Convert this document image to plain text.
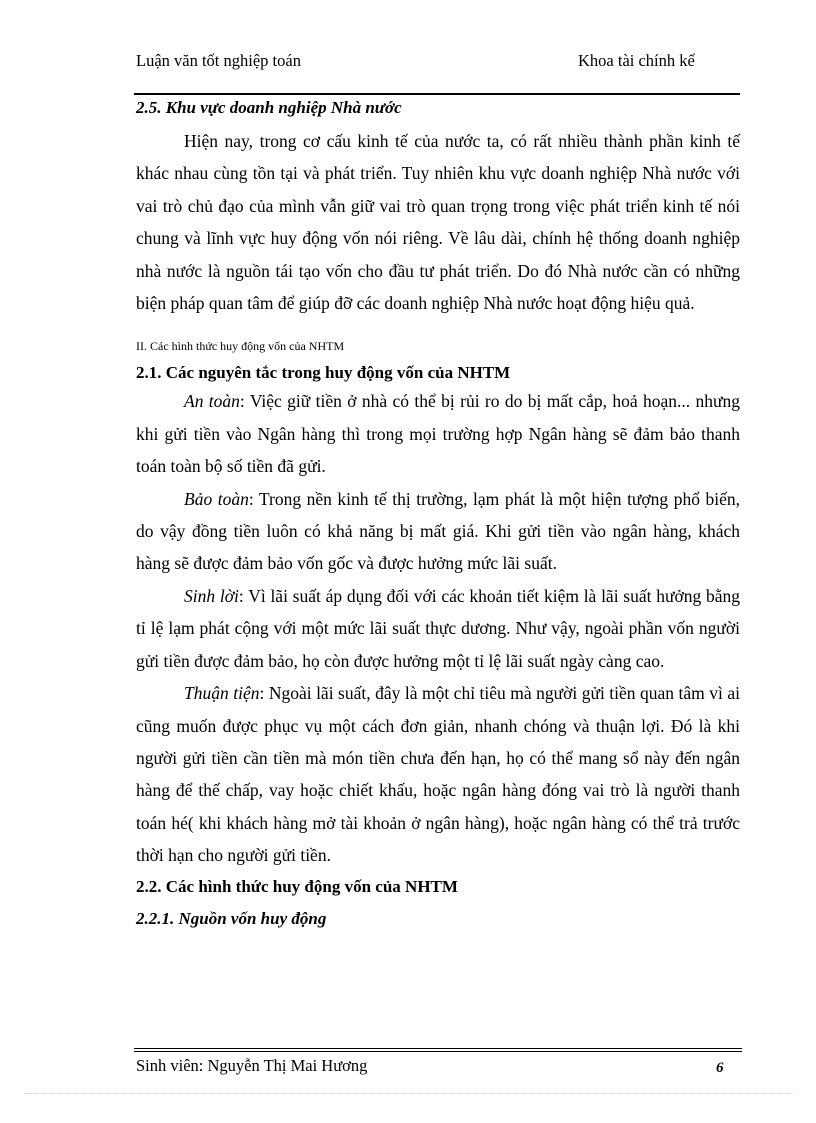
Luận văn tốt nghiệp toán	Khoa tài chính kế

2.5. Khu vực doanh nghiệp Nhà nước

Hiện nay, trong cơ cấu kinh tế của nước ta, có rất nhiều thành phần kinh tế khác nhau cùng tồn tại và phát triển. Tuy nhiên khu vực doanh nghiệp Nhà nước với vai trò chủ đạo của mình vẫn giữ vai trò quan trọng trong việc phát triển kinh tế nói chung và lĩnh vực huy động vốn nói riêng. Về lâu dài, chính hệ thống doanh nghiệp nhà nước là nguồn tái tạo vốn cho đầu tư phát triển. Do đó Nhà nước cần có những biện pháp quan tâm để giúp đỡ các doanh nghiệp Nhà nước hoạt động hiệu quả.

II. Các hình thức huy động vốn của NHTM

2.1. Các nguyên tắc trong huy động vốn của NHTM

An toàn: Việc giữ tiền ở nhà có thể bị rủi ro do bị mất cắp, hoả hoạn... nhưng khi gửi tiền vào Ngân hàng thì trong mọi trường hợp Ngân hàng sẽ đảm bảo thanh toán toàn bộ số tiền đã gửi.

Bảo toàn: Trong nền kinh tế thị trường, lạm phát là một hiện tượng phổ biến, do vậy đồng tiền luôn có khả năng bị mất giá. Khi gửi tiền vào ngân hàng, khách hàng sẽ được đảm bảo vốn gốc và được hưởng mức lãi suất.

Sinh lời: Vì lãi suất áp dụng đối với các khoản tiết kiệm là lãi suất hưởng bằng tỉ lệ lạm phát cộng với một mức lãi suất thực dương. Như vậy, ngoài phần vốn người gửi tiền được đảm bảo, họ còn được hưởng một tỉ lệ lãi suất ngày càng cao.

Thuận tiện: Ngoài lãi suất, đây là một chỉ tiêu mà người gửi tiền quan tâm vì ai cũng muốn được phục vụ một cách đơn giản, nhanh chóng và thuận lợi. Đó là khi người gửi tiền cần tiền mà món tiền chưa đến hạn, họ có thể mang sổ này đến ngân hàng để thế chấp, vay hoặc chiết khấu, hoặc ngân hàng đóng vai trò là người thanh toán hé( khi khách hàng mở tài khoản ở ngân hàng), hoặc ngân hàng có thể trả trước thời hạn cho người gửi tiền.

2.2. Các hình thức huy động vốn của NHTM

2.2.1. Nguồn vốn huy động

Sinh viên: Nguyễn Thị Mai Hương	6
